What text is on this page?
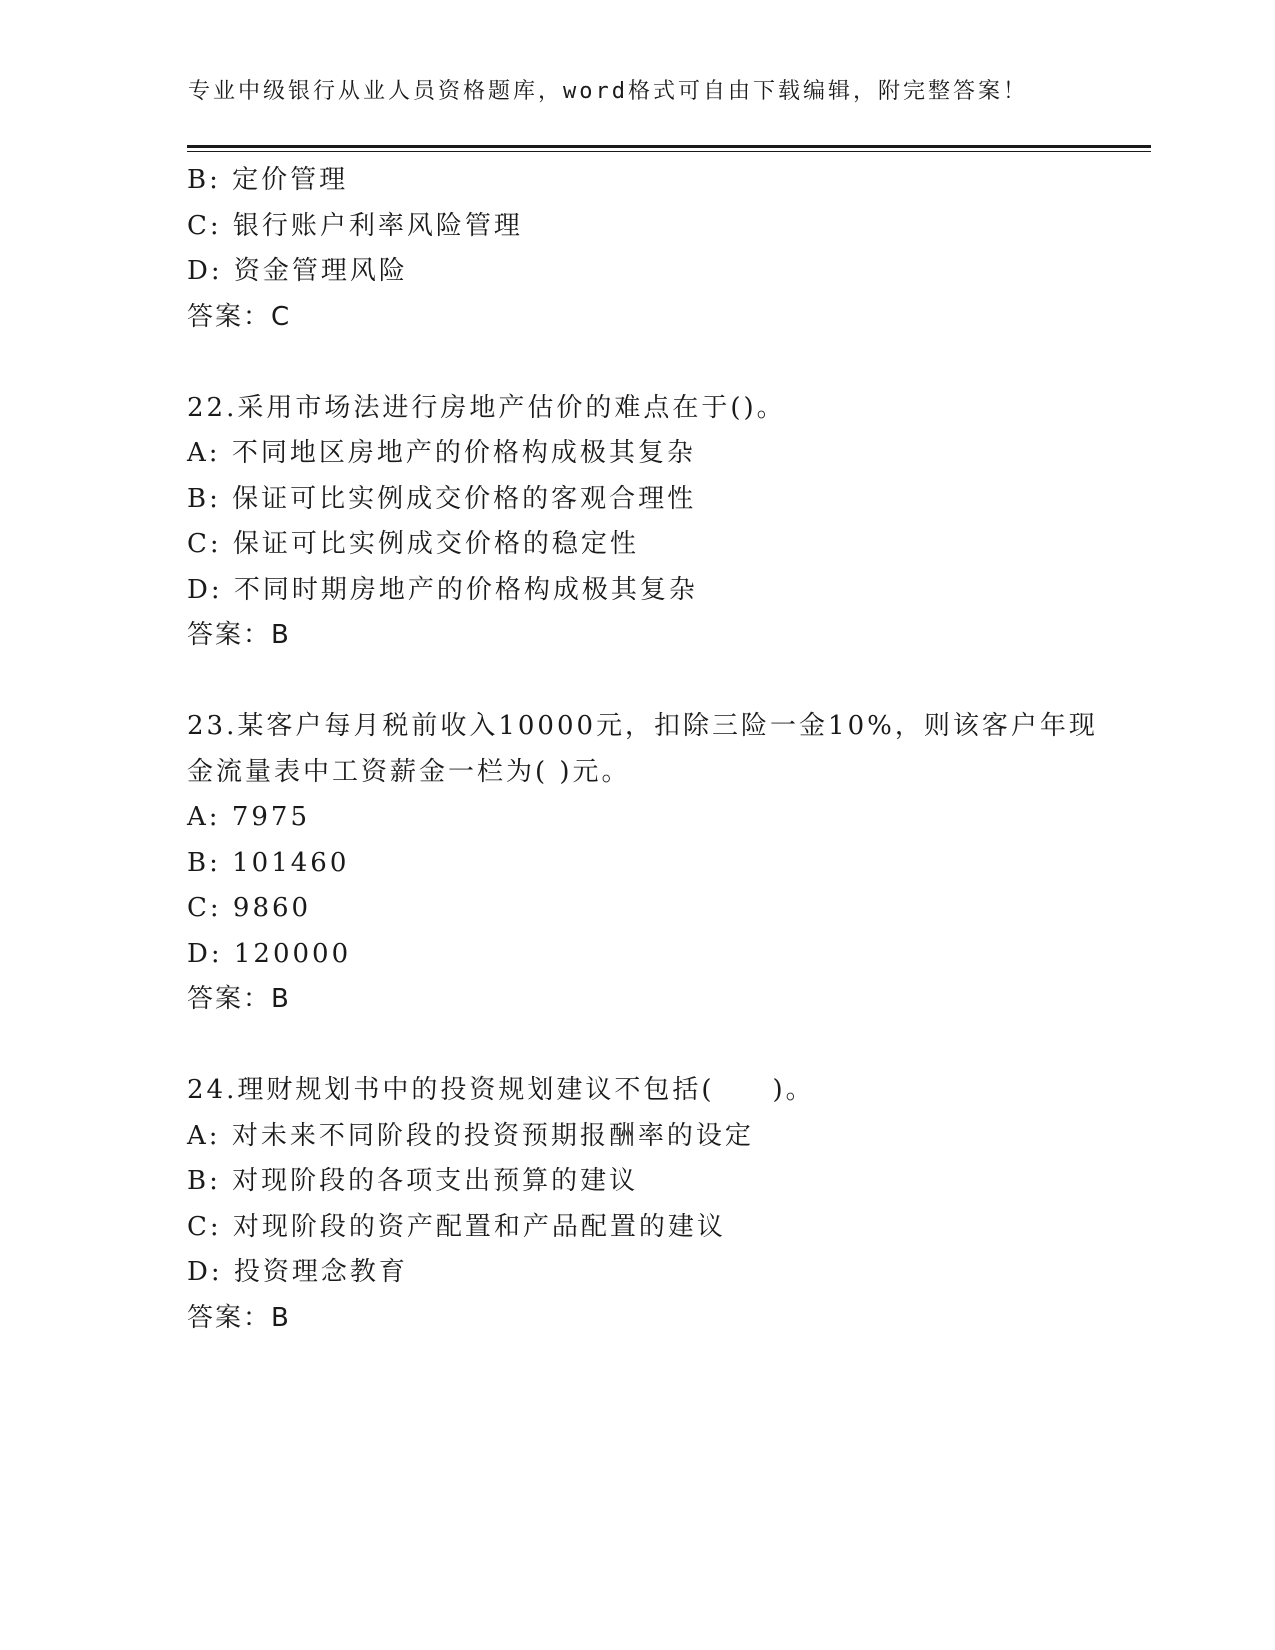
专业中级银行从业人员资格题库，word格式可自由下载编辑，附完整答案！
B: 定价管理
C: 银行账户利率风险管理
D: 资金管理风险
答案：C
22.采用市场法进行房地产估价的难点在于()。
A: 不同地区房地产的价格构成极其复杂
B: 保证可比实例成交价格的客观合理性
C: 保证可比实例成交价格的稳定性
D: 不同时期房地产的价格构成极其复杂
答案：B
23.某客户每月税前收入10000元，扣除三险一金10%，则该客户年现
金流量表中工资薪金一栏为( )元。
A: 7975
B: 101460
C: 9860
D: 120000
答案：B
24.理财规划书中的投资规划建议不包括(　　)。
A: 对未来不同阶段的投资预期报酬率的设定
B: 对现阶段的各项支出预算的建议
C: 对现阶段的资产配置和产品配置的建议
D: 投资理念教育
答案：B
